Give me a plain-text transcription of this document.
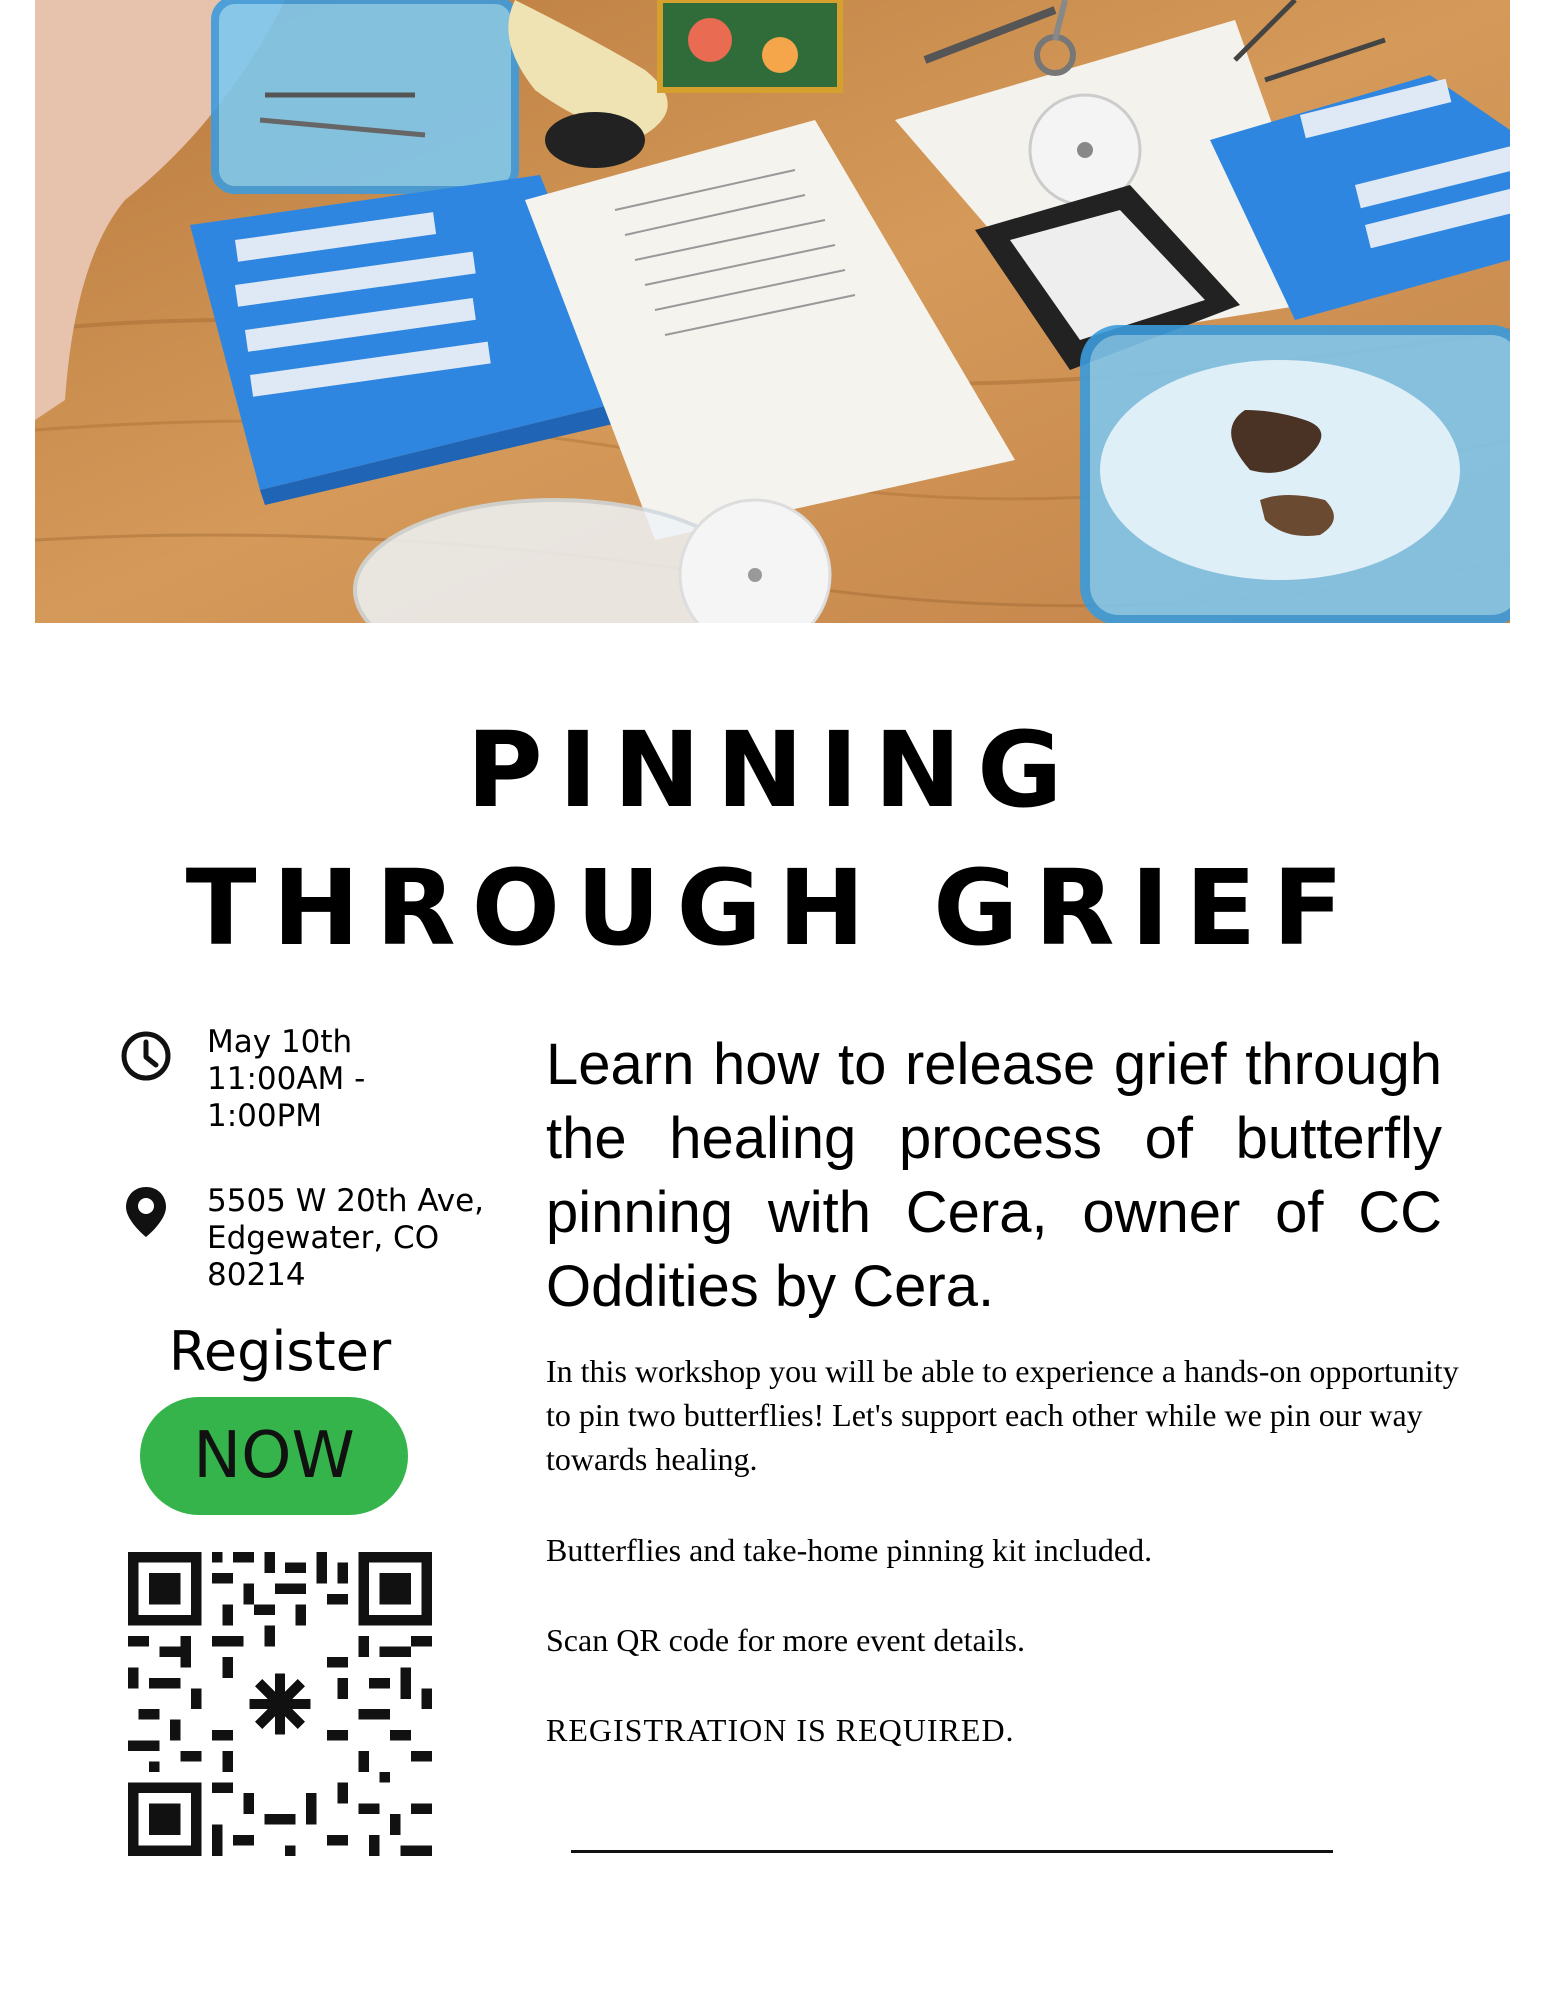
PINNING
THROUGH GRIEF
May 10th
11:00AM -
1:00PM
5505 W 20th Ave,
Edgewater, CO
80214
Register
NOW
Learn how to release grief through the healing process of butterfly pinning with Cera, owner of CC Oddities by Cera.
In this workshop you will be able to experience a hands-on opportunity to pin two butterflies! Let's support each other while we pin our way towards healing.
Butterflies and take-home pinning kit included.
Scan QR code for more event details.
REGISTRATION IS REQUIRED.
